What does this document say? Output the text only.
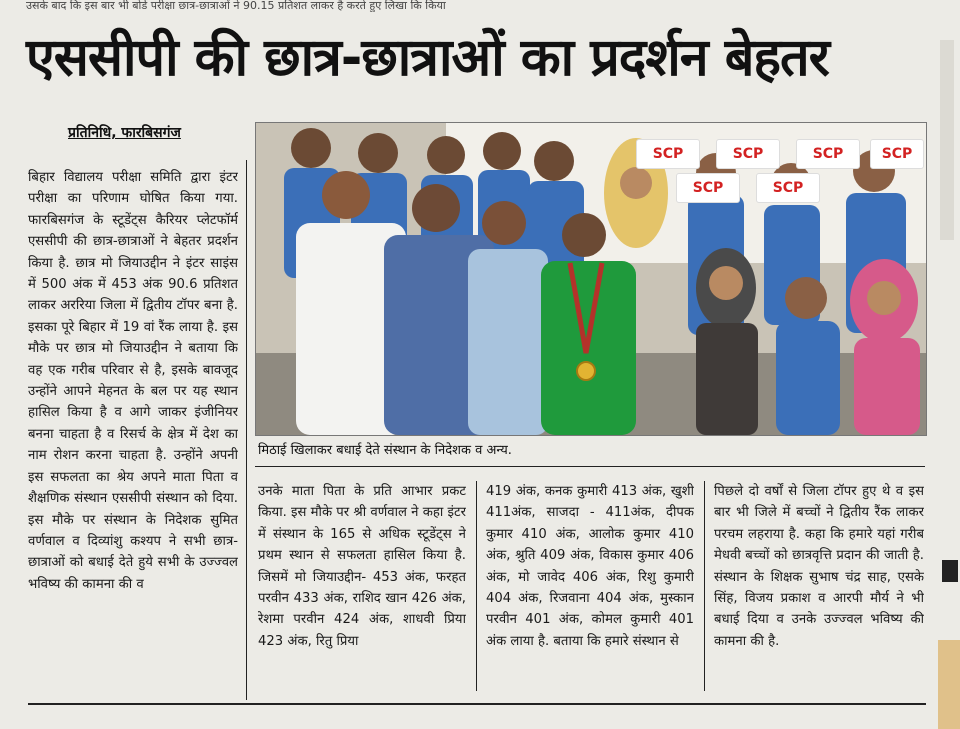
उसके बाद कि इस बार भी बोर्ड परीक्षा छात्र-छात्राओं ने 90.15 प्रतिशत लाकर है करते हुए लिखा कि किया
एससीपी की छात्र-छात्राओं का प्रदर्शन बेहतर
प्रतिनिधि, फारबिसगंज
बिहार विद्यालय परीक्षा समिति द्वारा इंटर परीक्षा का परिणाम घोषित किया गया. फारबिसगंज के स्टूडेंट्स कैरियर प्लेटफॉर्म एससीपी की छात्र-छात्राओं ने बेहतर प्रदर्शन किया है. छात्र मो जियाउद्दीन ने इंटर साइंस में 500 अंक में 453 अंक 90.6 प्रतिशत लाकर अररिया जिला में द्वितीय टॉपर बना है. इसका पूरे बिहार में 19 वां रैंक लाया है. इस मौके पर छात्र मो जियाउद्दीन ने बताया कि वह एक गरीब परिवार से है, इसके बावजूद उन्होंने आपने मेहनत के बल पर यह स्थान हासिल किया है व आगे जाकर इंजीनियर बनना चाहता है व रिसर्च के क्षेत्र में देश का नाम रोशन करना चाहता है. उन्होंने अपनी इस सफलता का श्रेय अपने माता पिता व शैक्षणिक संस्थान एससीपी संस्थान को दिया. इस मौके पर संस्थान के निदेशक सुमित वर्णवाल व दिव्यांशु कश्यप ने सभी छात्र-छात्राओं को बधाई देते हुये सभी के उज्ज्वल भविष्य की कामना की व
SCP	SCP	SCP	SCP
SCP	SCP
मिठाई खिलाकर बधाई देते संस्थान के निदेशक व अन्य.
उनके माता पिता के प्रति आभार प्रकट किया. इस मौके पर श्री वर्णवाल ने कहा इंटर में संस्थान के 165 से अधिक स्टूडेंट्स ने प्रथम स्थान से सफलता हासिल किया है. जिसमें मो जियाउद्दीन- 453 अंक, फरहत परवीन 433 अंक, राशिद खान 426 अंक, रेशमा परवीन 424 अंक, शाधवी प्रिया 423 अंक, रितु प्रिया
419 अंक, कनक कुमारी 413 अंक, खुशी 411अंक, साजदा - 411अंक, दीपक कुमार 410 अंक, आलोक कुमार 410 अंक, श्रुति 409 अंक, विकास कुमार 406 अंक, मो जावेद 406 अंक, रिशु कुमारी 404 अंक, रिजवाना 404 अंक, मुस्कान परवीन 401 अंक, कोमल कुमारी 401 अंक लाया है. बताया कि हमारे संस्थान से
पिछले दो वर्षों से जिला टॉपर हुए थे व इस बार भी जिले में बच्चों ने द्वितीय रैंक लाकर परचम लहराया है. कहा कि हमारे यहां गरीब मेधवी बच्चों को छात्रवृत्ति प्रदान की जाती है. संस्थान के शिक्षक सुभाष चंद्र साह, एसके सिंह, विजय प्रकाश व आरपी मौर्य ने भी बधाई दिया व उनके उज्ज्वल भविष्य की कामना की है.
